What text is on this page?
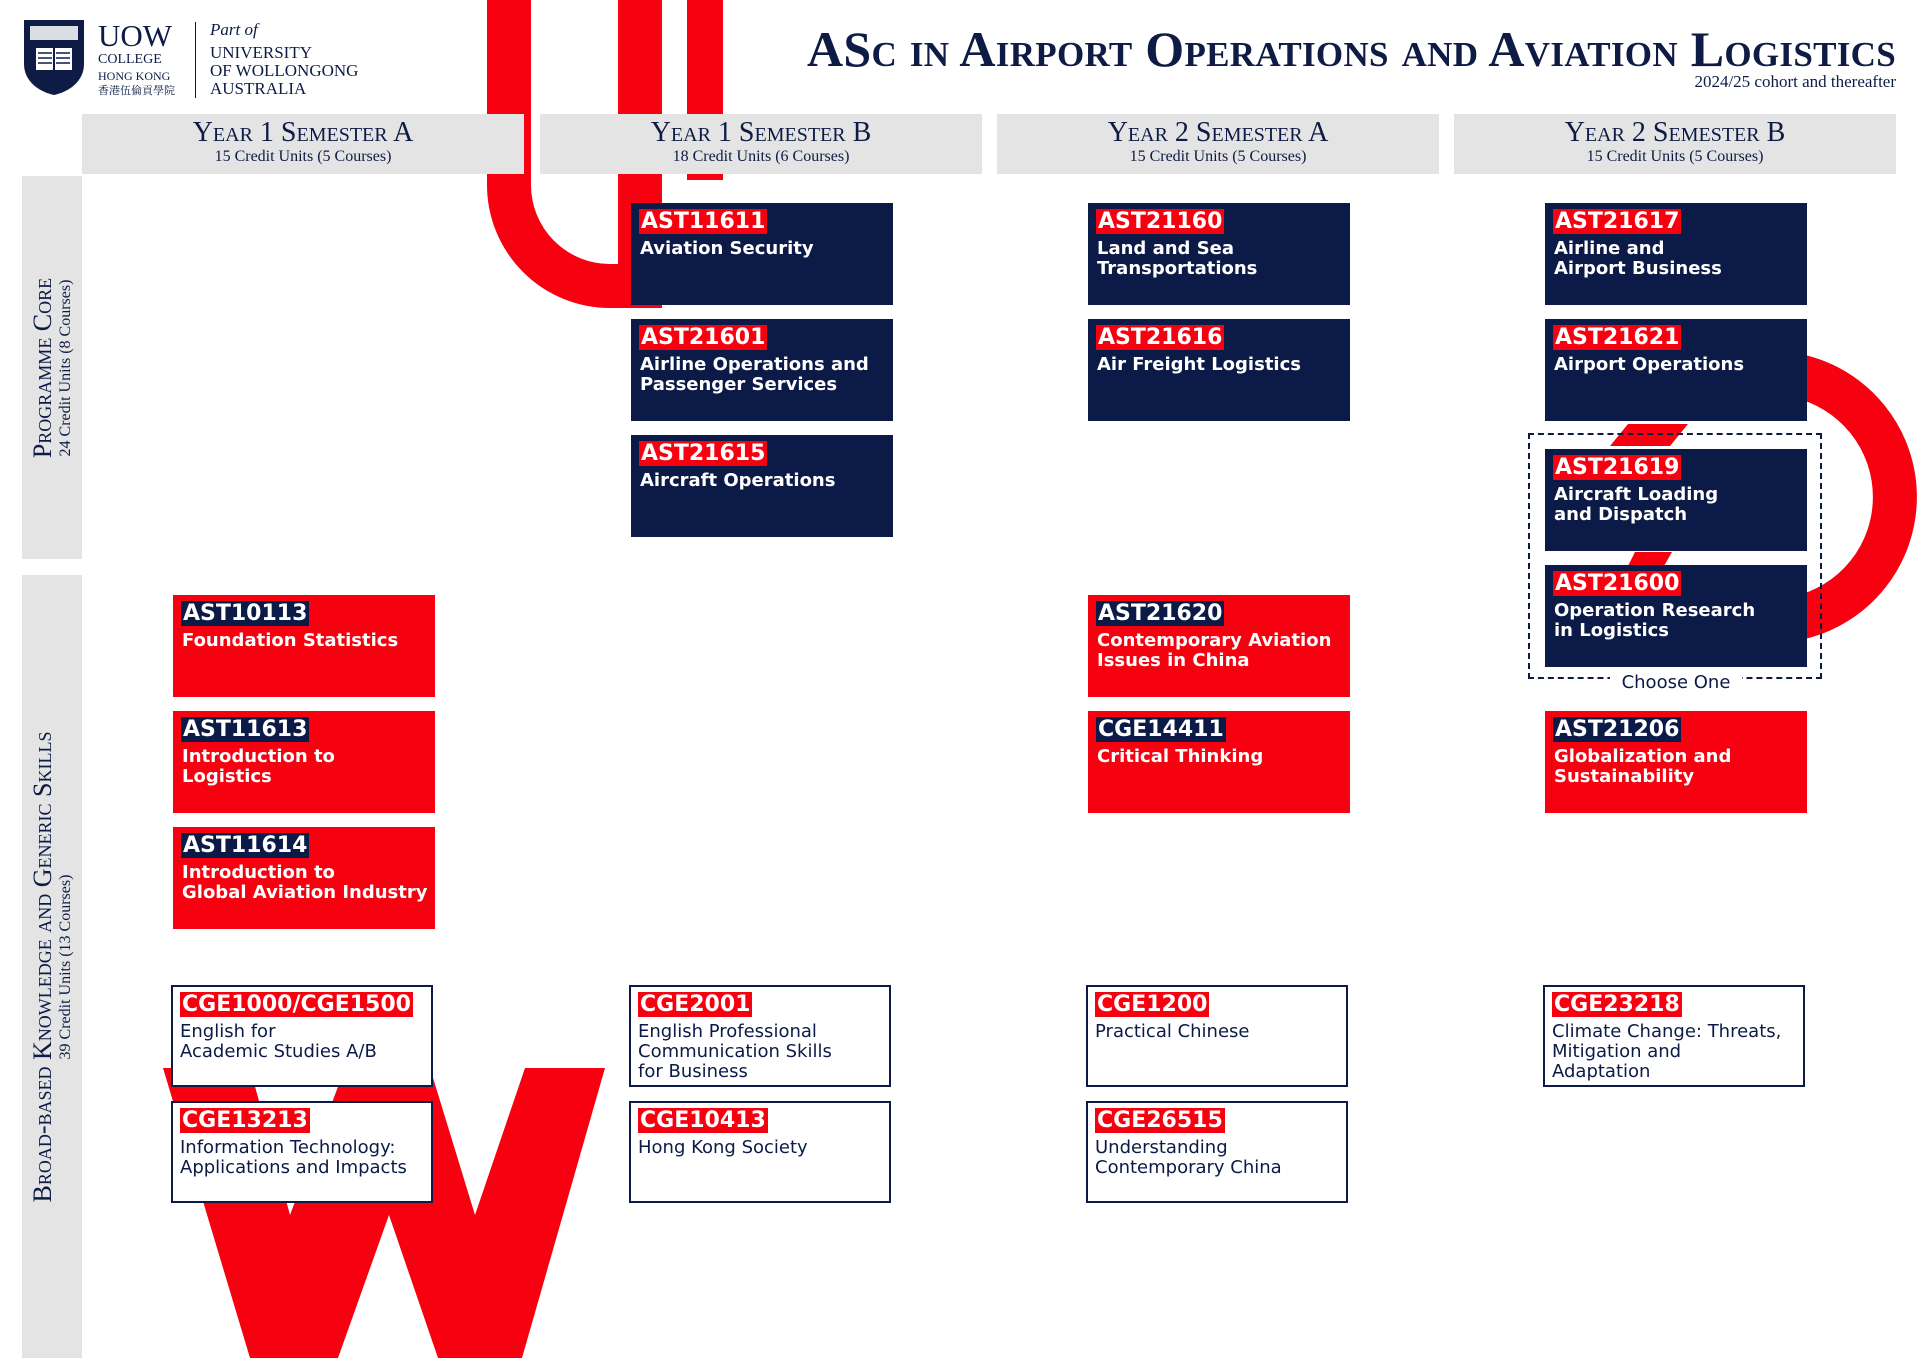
UOW
COLLEGE
HONG KONG
香港伍倫貢學院
Part of
UNIVERSITY
OF WOLLONGONG
AUSTRALIA
ASc in Airport Operations and Aviation Logistics
2024/25 cohort and thereafter
Year 1 Semester A
15 Credit Units (5 Courses)
Year 1 Semester B
18 Credit Units (6 Courses)
Year 2 Semester A
15 Credit Units (5 Courses)
Year 2 Semester B
15 Credit Units (5 Courses)
Programme Core 24 Credit Units (8 Courses)
Broad-based Knowledge and Generic Skills 39 Credit Units (13 Courses)
Choose One
AST11611
Aviation Security
AST21601
Airline Operations and
Passenger Services
AST21615
Aircraft Operations
AST21160
Land and Sea
Transportations
AST21616
Air Freight Logistics
AST21617
Airline and
Airport Business
AST21621
Airport Operations
AST21619
Aircraft Loading
and Dispatch
AST21600
Operation Research
in Logistics
AST10113
Foundation Statistics
AST11613
Introduction to
Logistics
AST11614
Introduction to
Global Aviation Industry
AST21620
Contemporary Aviation
Issues in China
CGE14411
Critical Thinking
AST21206
Globalization and
Sustainability
CGE1000/CGE1500
English for
Academic Studies A/B
CGE13213
Information Technology:
Applications and Impacts
CGE2001
English Professional
Communication Skills
for Business
CGE10413
Hong Kong Society
CGE1200
Practical Chinese
CGE26515
Understanding
Contemporary China
CGE23218
Climate Change: Threats,
Mitigation and
Adaptation
